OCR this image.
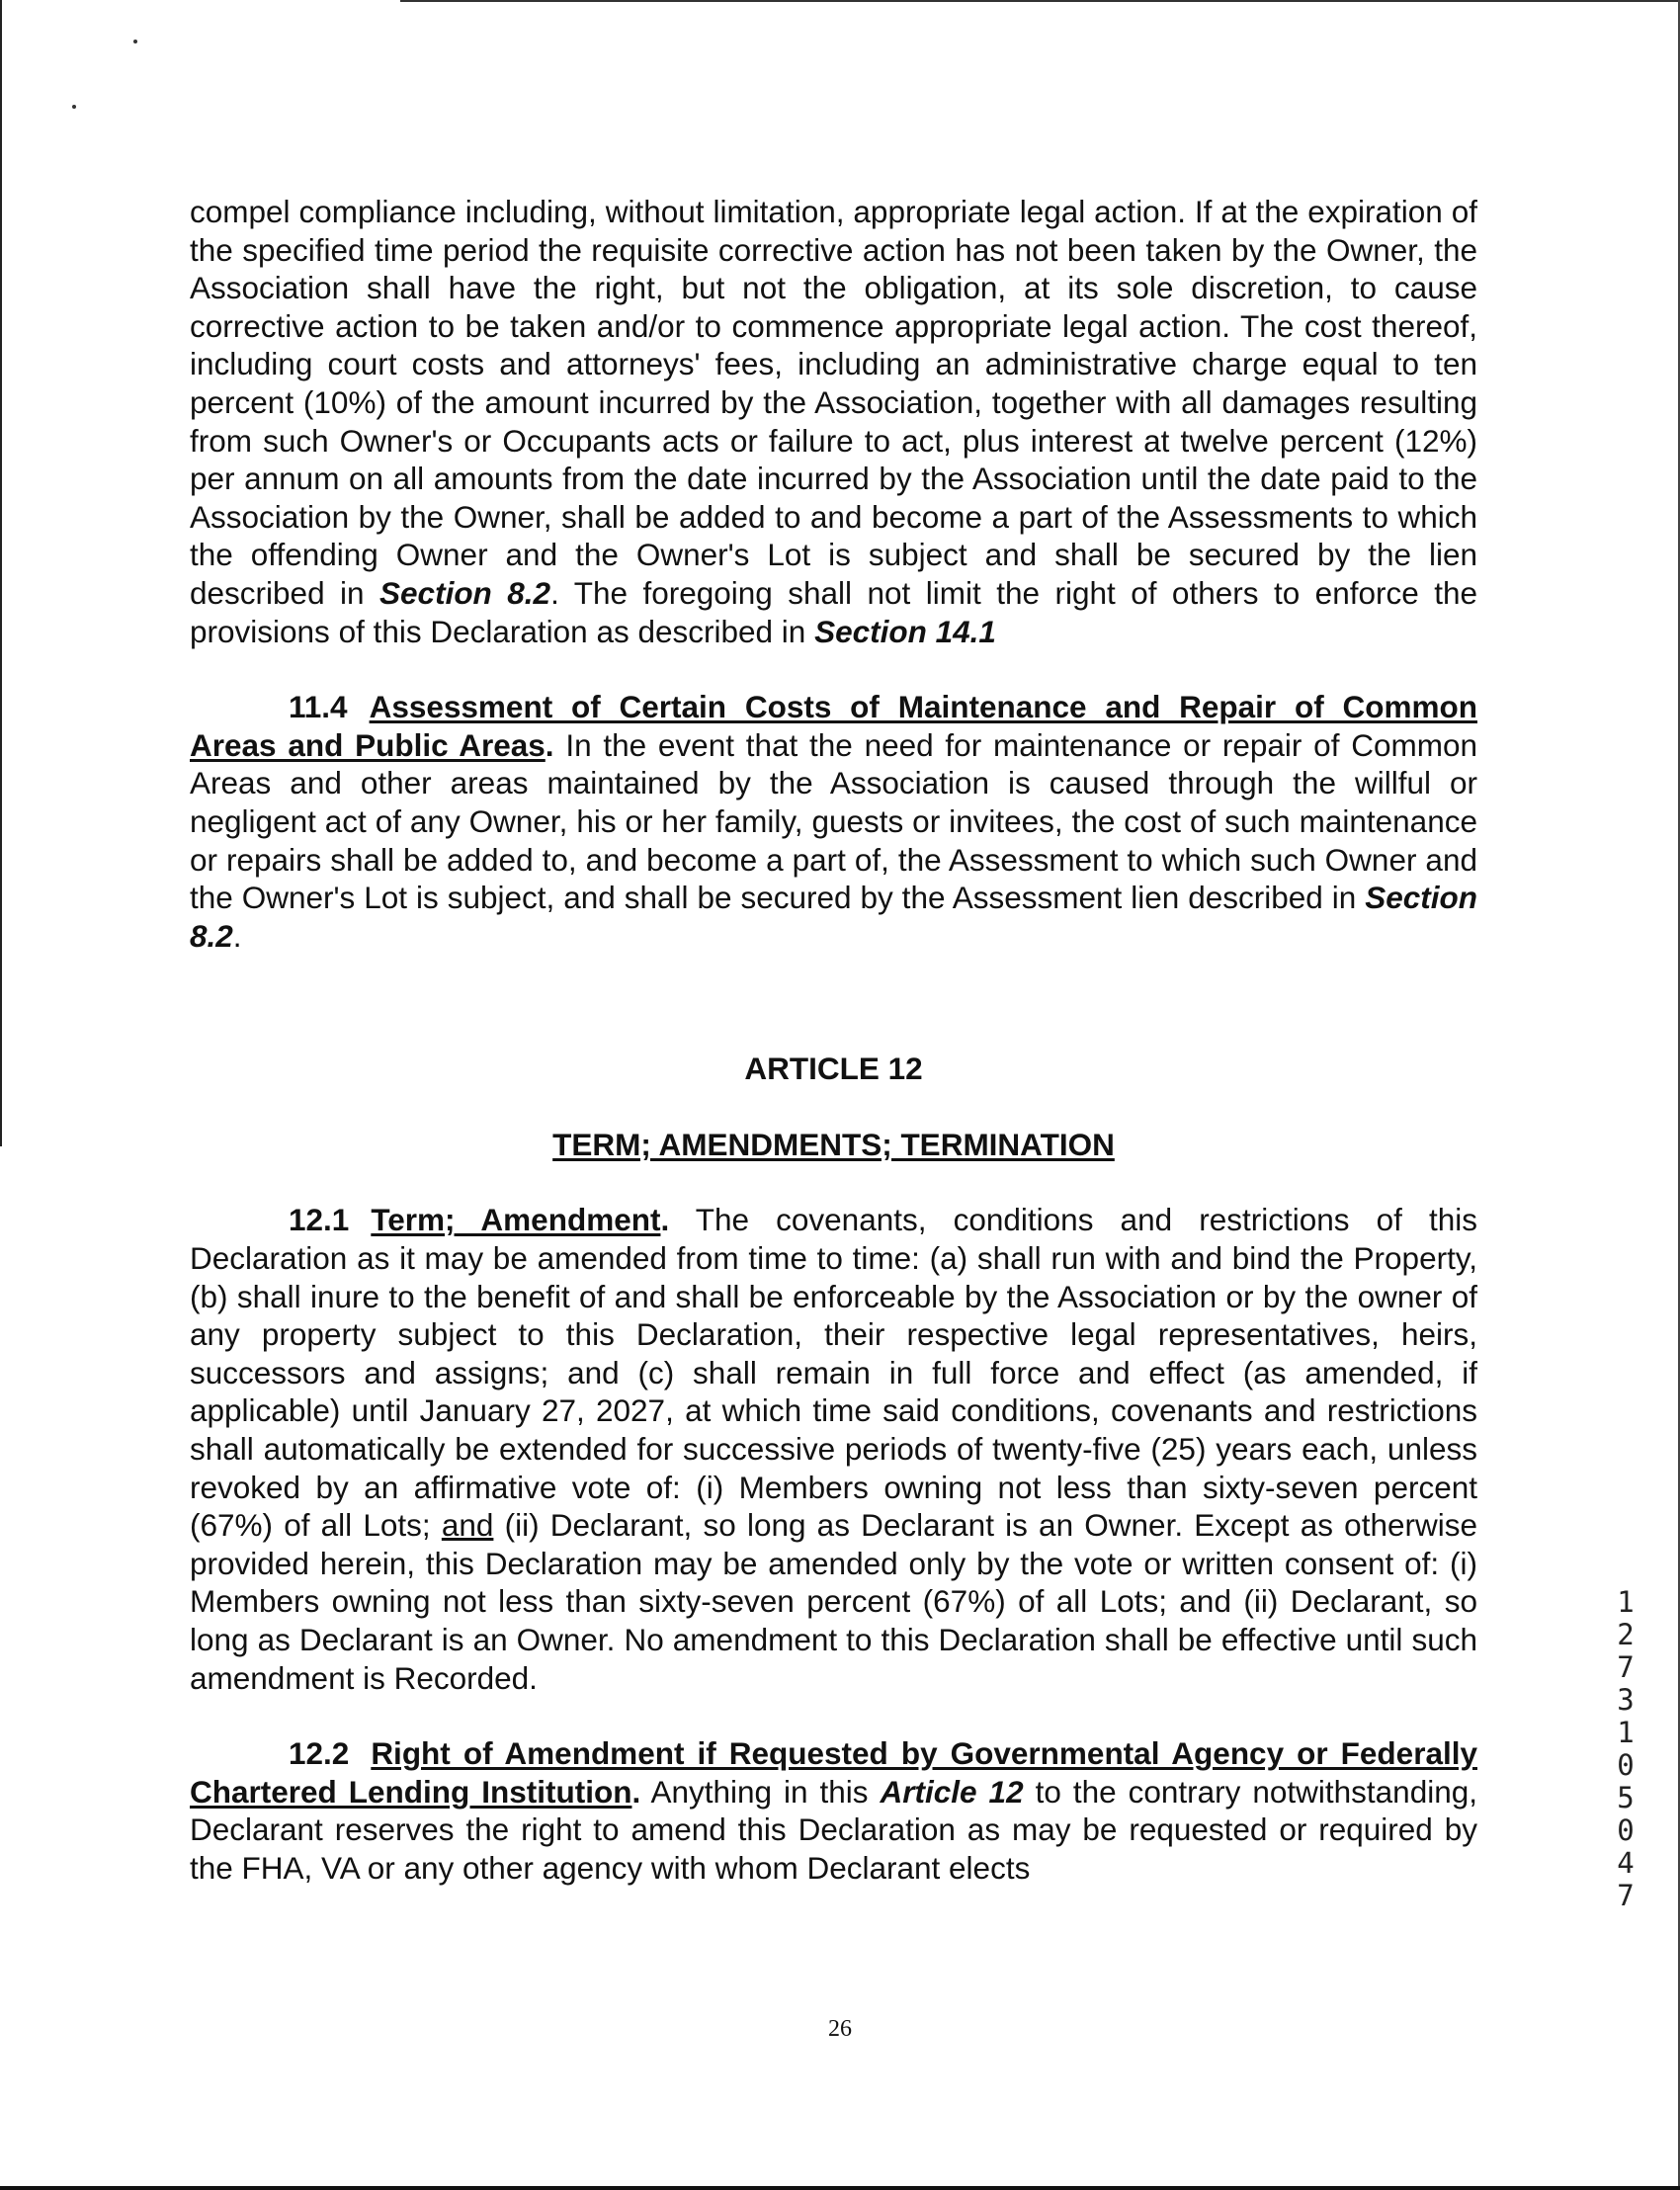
compel compliance including, without limitation, appropriate legal action. If at the expiration of the specified time period the requisite corrective action has not been taken by the Owner, the Association shall have the right, but not the obligation, at its sole discretion, to cause corrective action to be taken and/or to commence appropriate legal action. The cost thereof, including court costs and attorneys' fees, including an administrative charge equal to ten percent (10%) of the amount incurred by the Association, together with all damages resulting from such Owner's or Occupants acts or failure to act, plus interest at twelve percent (12%) per annum on all amounts from the date incurred by the Association until the date paid to the Association by the Owner, shall be added to and become a part of the Assessments to which the offending Owner and the Owner's Lot is subject and shall be secured by the lien described in Section 8.2. The foregoing shall not limit the right of others to enforce the provisions of this Declaration as described in Section 14.1

11.4 Assessment of Certain Costs of Maintenance and Repair of Common Areas and Public Areas. In the event that the need for maintenance or repair of Common Areas and other areas maintained by the Association is caused through the willful or negligent act of any Owner, his or her family, guests or invitees, the cost of such maintenance or repairs shall be added to, and become a part of, the Assessment to which such Owner and the Owner's Lot is subject, and shall be secured by the Assessment lien described in Section 8.2.

ARTICLE 12

TERM; AMENDMENTS; TERMINATION

12.1 Term; Amendment. The covenants, conditions and restrictions of this Declaration as it may be amended from time to time: (a) shall run with and bind the Property, (b) shall inure to the benefit of and shall be enforceable by the Association or by the owner of any property subject to this Declaration, their respective legal representatives, heirs, successors and assigns; and (c) shall remain in full force and effect (as amended, if applicable) until January 27, 2027, at which time said conditions, covenants and restrictions shall automatically be extended for successive periods of twenty-five (25) years each, unless revoked by an affirmative vote of: (i) Members owning not less than sixty-seven percent (67%) of all Lots; and (ii) Declarant, so long as Declarant is an Owner. Except as otherwise provided herein, this Declaration may be amended only by the vote or written consent of: (i) Members owning not less than sixty-seven percent (67%) of all Lots; and (ii) Declarant, so long as Declarant is an Owner. No amendment to this Declaration shall be effective until such amendment is Recorded.

12.2 Right of Amendment if Requested by Governmental Agency or Federally Chartered Lending Institution. Anything in this Article 12 to the contrary notwithstanding, Declarant reserves the right to amend this Declaration as may be requested or required by the FHA, VA or any other agency with whom Declarant elects

12731 05047
26
